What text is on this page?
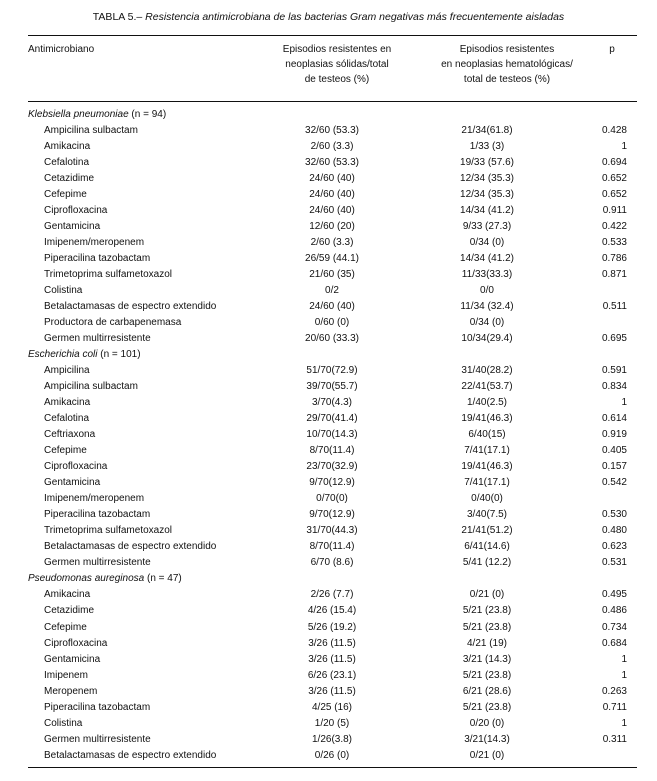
TABLA 5.– Resistencia antimicrobiana de las bacterias Gram negativas más frecuentemente aisladas
Antimicrobiano	Episodios resistentes en
neoplasias sólidas/total
de testeos (%)

Episodios resistentes
en neoplasias hematológicas/
total de testeos (%)
	p
Klebsiella pneumoniae (n = 94)			
Ampicilina sulbactam	32/60 (53.3)	21/34(61.8)	0.428
Amikacina	2/60 (3.3)	1/33 (3)	1
Cefalotina	32/60 (53.3)	19/33 (57.6)	0.694
Cetazidime	24/60 (40)	12/34 (35.3)	0.652
Cefepime	24/60 (40)	12/34 (35.3)	0.652
Ciprofloxacina	24/60 (40)	14/34 (41.2)	0.911
Gentamicina	12/60 (20)	9/33 (27.3)	0.422
Imipenem/meropenem	2/60 (3.3)	0/34 (0)	0.533
Piperacilina tazobactam	26/59 (44.1)	14/34 (41.2)	0.786
Trimetoprima sulfametoxazol	21/60 (35)	11/33(33.3)	0.871
Colistina	0/2	0/0	
Betalactamasas de espectro extendido	24/60 (40)	11/34 (32.4)	0.511
Productora de carbapenemasa	0/60 (0)	0/34 (0)	
Germen multirresistente	20/60 (33.3)	10/34(29.4)	0.695
Escherichia coli (n = 101)			
Ampicilina	51/70(72.9)	31/40(28.2)	0.591
Ampicilina sulbactam	39/70(55.7)	22/41(53.7)	0.834
Amikacina	3/70(4.3)	1/40(2.5)	1
Cefalotina	29/70(41.4)	19/41(46.3)	0.614
Ceftriaxona	10/70(14.3)	6/40(15)	0.919
Cefepime	8/70(11.4)	7/41(17.1)	0.405
Ciprofloxacina	23/70(32.9)	19/41(46.3)	0.157
Gentamicina	9/70(12.9)	7/41(17.1)	0.542
Imipenem/meropenem	0/70(0)	0/40(0)	
Piperacilina tazobactam	9/70(12.9)	3/40(7.5)	0.530
Trimetoprima sulfametoxazol	31/70(44.3)	21/41(51.2)	0.480
Betalactamasas de espectro extendido	8/70(11.4)	6/41(14.6)	0.623
Germen multirresistente	6/70 (8.6)	5/41 (12.2)	0.531
Pseudomonas aureginosa (n = 47)			
Amikacina	2/26 (7.7)	0/21 (0)	0.495
Cetazidime	4/26 (15.4)	5/21 (23.8)	0.486
Cefepime	5/26 (19.2)	5/21 (23.8)	0.734
Ciprofloxacina	3/26 (11.5)	4/21 (19)	0.684
Gentamicina	3/26 (11.5)	3/21 (14.3)	1
Imipenem	6/26 (23.1)	5/21 (23.8)	1
Meropenem	3/26 (11.5)	6/21 (28.6)	0.263
Piperacilina tazobactam	4/25 (16)	5/21 (23.8)	0.711
Colistina	1/20 (5)	0/20 (0)	1
Germen multirresistente	1/26(3.8)	3/21(14.3)	0.311
Betalactamasas de espectro extendido	0/26 (0)	0/21 (0)	
